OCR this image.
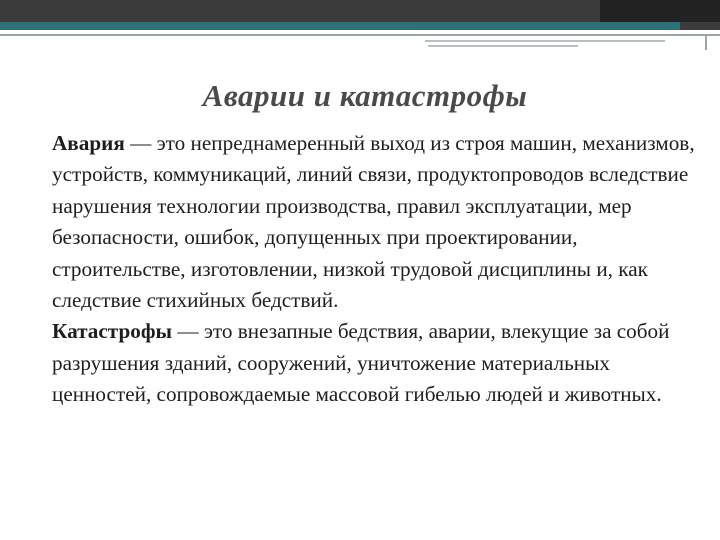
Аварии и катастрофы

Авария — это непреднамеренный выход из строя машин, механизмов, устройств, коммуникаций, линий связи, продуктопроводов вследствие нарушения технологии производства, правил эксплуатации, мер безопасности, ошибок, допущенных при проектировании, строительстве, изготовлении, низкой трудовой дисциплины и, как следствие стихийных бедствий.

Катастрофы — это внезапные бедствия, аварии, влекущие за собой разрушения зданий, сооружений, уничтожение материальных ценностей, сопровождаемые массовой гибелью людей и животных.
